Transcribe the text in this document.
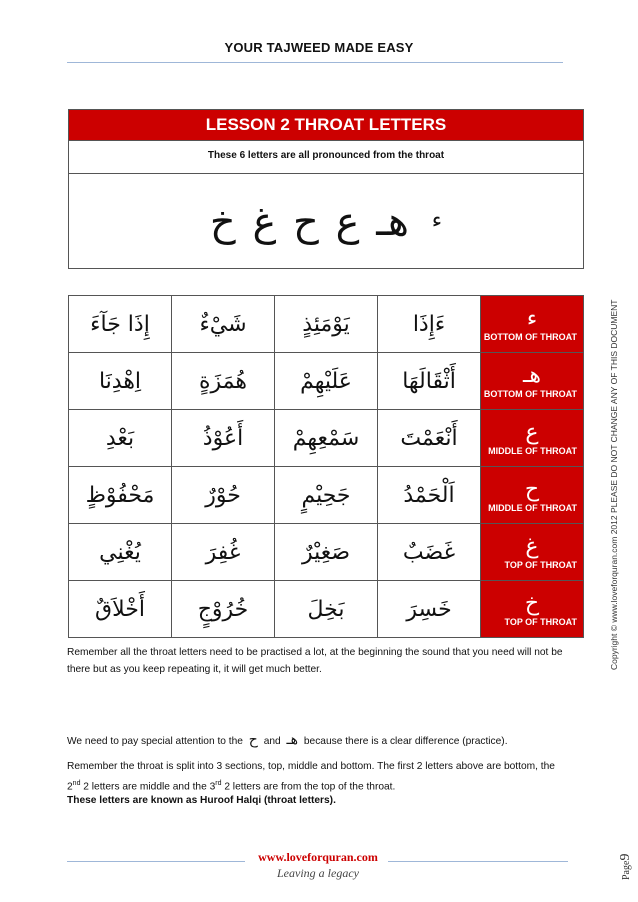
YOUR TAJWEED MADE EASY
LESSON 2 THROAT LETTERS
These 6 letters are all pronounced from the throat
$^ء$ هـ ع ح غ خ
إِذَا جَآءَ	شَيْءٌ	يَوْمَئِذٍ	ءَإِذَا	ء
BOTTOM OF THROAT

اِهْدِنَا	هُمَزَةٍ	عَلَيْهِمْ	أَثْقَالَهَا	هـ
BOTTOM OF THROAT

بَعْدِ	أَعُوْذُ	سَمْعِهِمْ	أَنْعَمْتَ	ع
MIDDLE OF THROAT

مَحْفُوْظٍ	حُوْرٌ	جَحِيْمٍ	اَلْحَمْدُ	ح
MIDDLE OF THROAT

يُغْنِي	غُفِرَ	صَغِيْرٌ	غَضَبٌ	غ
TOP OF THROAT

أَخْلاَقٌ	خُرُوْجٍ	بَخِلَ	خَسِرَ	خ
TOP OF THROAT	Copyright © www.loveforquran.com 2012 PLEASE DO NOT CHANGE ANY OF THIS DOCUMENT
Remember all the throat letters need to be practised a lot, at the beginning the sound that you need will not be there but as you keep repeating it, it will get much better.
We need to pay special attention to the ح and هـ because there is a clear difference (practice).
Remember the throat is split into 3 sections, top, middle and bottom. The first 2 letters above are bottom, the 2nd 2 letters are middle and the 3rd 2 letters are from the top of the throat.
These letters are known as Huroof Halqi (throat letters).
www.loveforquran.com
Leaving a legacy	Page9
